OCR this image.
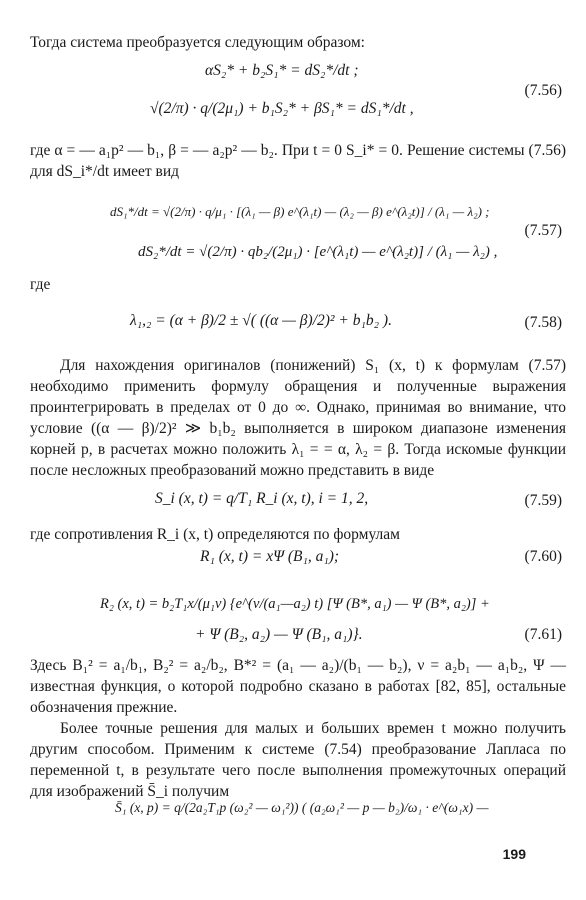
Тогда система преобразуется следующим образом:
αS₂* + b₂S₁* = dS₂*/dt ;
√(2/π) · q/(2μ₁) + b₁S₂* + βS₁* = dS₁*/dt ,
(7.56)
где α = — a₁p² — b₁, β = — a₂p² — b₂. При t = 0 S_i* = 0. Решение системы (7.56) для dS_i*/dt имеет вид
dS₁*/dt = √(2/π) · q/μ₁ · [(λ₁ — β) e^(λ₁t) — (λ₂ — β) e^(λ₂t)] / (λ₁ — λ₂) ;
dS₂*/dt = √(2/π) · qb₂/(2μ₁) · [e^(λ₁t) — e^(λ₂t)] / (λ₁ — λ₂) ,
(7.57)
где
λ₁,₂ = (α + β)/2 ± √( ((α — β)/2)² + b₁b₂ ).	(7.58)
Для нахождения оригиналов (понижений) S₁ (x, t) к формулам (7.57) необходимо применить формулу обращения и полученные выражения проинтегрировать в пределах от 0 до ∞. Однако, принимая во внимание, что условие ((α — β)/2)² ≫ b₁b₂ выполняется в широком диапазоне изменения корней p, в расчетах можно положить λ₁ = = α, λ₂ = β. Тогда искомые функции после несложных преобразований можно представить в виде
S_i (x, t) = q/T₁ R_i (x, t), i = 1, 2,	(7.59)
где сопротивления R_i (x, t) определяются по формулам
R₁ (x, t) = xΨ (B₁, a₁);	(7.60)
R₂ (x, t) = b₂T₁x/(μ₁ν) {e^(ν/(a₁—a₂) t) [Ψ (B*, a₁) — Ψ (B*, a₂)] +
+ Ψ (B₂, a₂) — Ψ (B₁, a₁)}.	(7.61)
Здесь B₁² = a₁/b₁, B₂² = a₂/b₂, B*² = (a₁ — a₂)/(b₁ — b₂), ν = a₂b₁ — a₁b₂, Ψ — известная функция, о которой подробно сказано в работах [82, 85], остальные обозначения прежние.
Более точные решения для малых и больших времен t можно получить другим способом. Применим к системе (7.54) преобразование Лапласа по переменной t, в результате чего после выполнения промежуточных операций для изображений S̄_i получим
S̄₁ (x, p) = q/(2a₂T₁p (ω₂² — ω₁²)) ( (a₂ω₁² — p — b₂)/ω₁ · e^(ω₁x) —
199
